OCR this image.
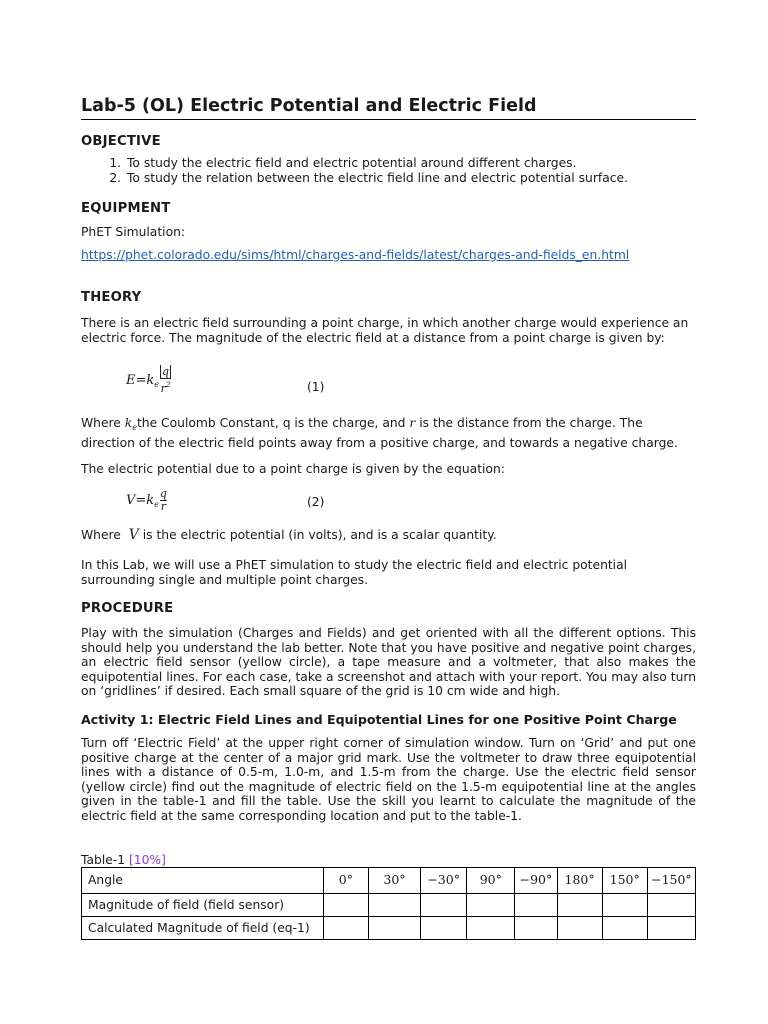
Lab-5 (OL) Electric Potential and Electric Field
OBJECTIVE
1. To study the electric field and electric potential around different charges.
2. To study the relation between the electric field line and electric potential surface.
EQUIPMENT
PhET Simulation:
https://phet.colorado.edu/sims/html/charges-and-fields/latest/charges-and-fields_en.html
THEORY
There is an electric field surrounding a point charge, in which another charge would experience an electric force. The magnitude of the electric field at a distance from a point charge is given by:
$E=k_e \frac{q}{r^2}$	(1)
Where $k_ethe$ Coulomb Constant, q is the charge, and r is the distance from the charge. The direction of the electric field points away from a positive charge, and towards a negative charge.
The electric potential due to a point charge is given by the equation:
$V=k_e \frac{q}{r}$	(2)
Where  V is the electric potential (in volts), and is a scalar quantity.
In this Lab, we will use a PhET simulation to study the electric field and electric potential surrounding single and multiple point charges.
PROCEDURE
Play with the simulation (Charges and Fields) and get oriented with all the different options. This should help you understand the lab better. Note that you have positive and negative point charges, an electric field sensor (yellow circle), a tape measure and a voltmeter, that also makes the equipotential lines. For each case, take a screenshot and attach with your report. You may also turn on ‘gridlines’ if desired. Each small square of the grid is 10 cm wide and high.
Activity 1: Electric Field Lines and Equipotential Lines for one Positive Point Charge
Turn off ‘Electric Field’ at the upper right corner of simulation window. Turn on ‘Grid’ and put one positive charge at the center of a major grid mark. Use the voltmeter to draw three equipotential lines with a distance of 0.5-m, 1.0-m, and 1.5-m from the charge. Use the electric field sensor (yellow circle) find out the magnitude of electric field on the 1.5-m equipotential line at the angles given in the table-1 and fill the table. Use the skill you learnt to calculate the magnitude of the electric field at the same corresponding location and put to the table-1.
Table-1 [10%]
Angle	0°	30°	−30°	90°	−90°	180°	150°	−150°
Magnitude of field (field sensor)								
Calculated Magnitude of field (eq-1)								
